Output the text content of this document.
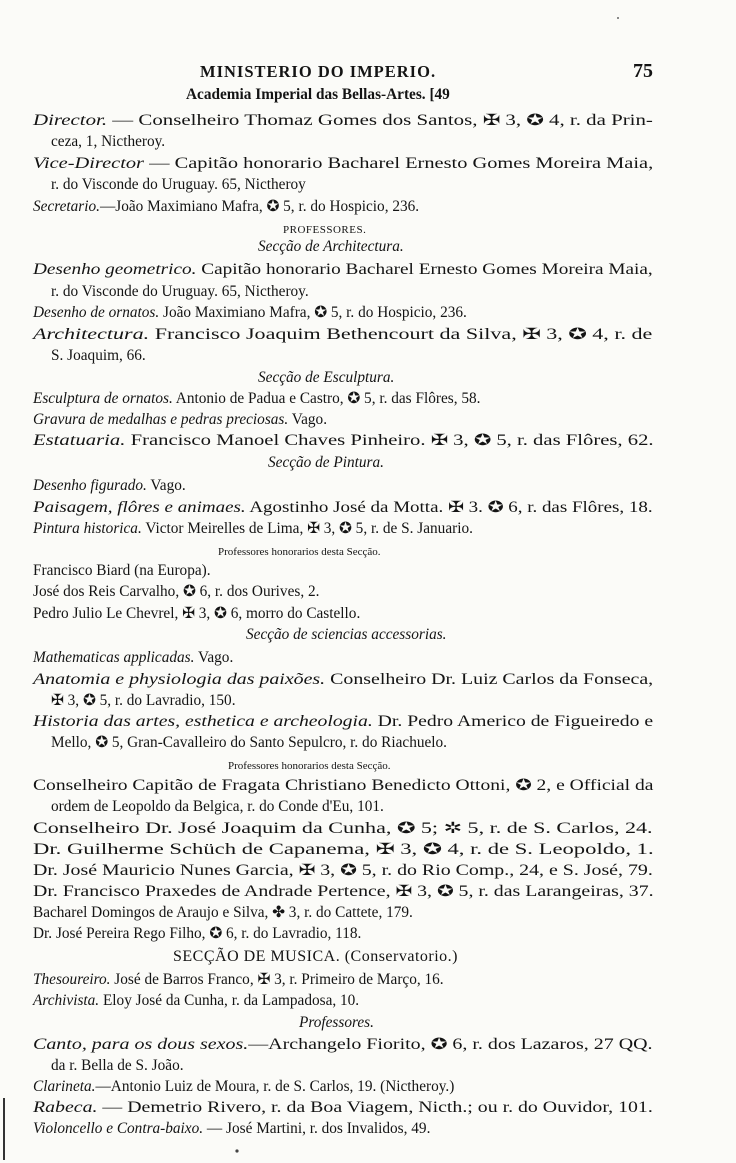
MINISTERIO DO IMPERIO.	75
Academia Imperial das Bellas-Artes. [49
Director. — Conselheiro Thomaz Gomes dos Santos, ✠ 3, ✪ 4, r. da Prin-
ceza, 1, Nictheroy.
Vice-Director — Capitão honorario Bacharel Ernesto Gomes Moreira Maia,
r. do Visconde do Uruguay. 65, Nictheroy
Secretario.—João Maximiano Mafra, ✪ 5, r. do Hospicio, 236.
PROFESSORES.
Secção de Architectura.
Desenho geometrico. Capitão honorario Bacharel Ernesto Gomes Moreira Maia,
r. do Visconde do Uruguay. 65, Nictheroy.
Desenho de ornatos. João Maximiano Mafra, ✪ 5, r. do Hospicio, 236.
Architectura. Francisco Joaquim Bethencourt da Silva, ✠ 3, ✪ 4, r. de
S. Joaquim, 66.
Secção de Esculptura.
Esculptura de ornatos. Antonio de Padua e Castro, ✪ 5, r. das Flôres, 58.
Gravura de medalhas e pedras preciosas. Vago.
Estatuaria. Francisco Manoel Chaves Pinheiro. ✠ 3, ✪ 5, r. das Flôres, 62.
Secção de Pintura.
Desenho figurado. Vago.
Paisagem, flôres e animaes. Agostinho José da Motta. ✠ 3. ✪ 6, r. das Flôres, 18.
Pintura historica. Victor Meirelles de Lima, ✠ 3, ✪ 5, r. de S. Januario.
Professores honorarios desta Secção.
Francisco Biard (na Europa).
José dos Reis Carvalho, ✪ 6, r. dos Ourives, 2.
Pedro Julio Le Chevrel, ✠ 3, ✪ 6, morro do Castello.
Secção de sciencias accessorias.
Mathematicas applicadas. Vago.
Anatomia e physiologia das paixões. Conselheiro Dr. Luiz Carlos da Fonseca,
✠ 3, ✪ 5, r. do Lavradio, 150.
Historia das artes, esthetica e archeologia. Dr. Pedro Americo de Figueiredo e
Mello, ✪ 5, Gran-Cavalleiro do Santo Sepulcro, r. do Riachuelo.
Professores honorarios desta Secção.
Conselheiro Capitão de Fragata Christiano Benedicto Ottoni, ✪ 2, e Official da
ordem de Leopoldo da Belgica, r. do Conde d'Eu, 101.
Conselheiro Dr. José Joaquim da Cunha, ✪ 5; ✲ 5, r. de S. Carlos, 24.
Dr. Guilherme Schüch de Capanema, ✠ 3, ✪ 4, r. de S. Leopoldo, 1.
Dr. José Mauricio Nunes Garcia, ✠ 3, ✪ 5, r. do Rio Comp., 24, e S. José, 79.
Dr. Francisco Praxedes de Andrade Pertence, ✠ 3, ✪ 5, r. das Larangeiras, 37.
Bacharel Domingos de Araujo e Silva, ✤ 3, r. do Cattete, 179.
Dr. José Pereira Rego Filho, ✪ 6, r. do Lavradio, 118.
SECÇÃO DE MUSICA. (Conservatorio.)
Thesoureiro. José de Barros Franco, ✠ 3, r. Primeiro de Março, 16.
Archivista. Eloy José da Cunha, r. da Lampadosa, 10.
Professores.
Canto, para os dous sexos.—Archangelo Fiorito, ✪ 6, r. dos Lazaros, 27 QQ.
da r. Bella de S. João.
Clarineta.—Antonio Luiz de Moura, r. de S. Carlos, 19. (Nictheroy.)
Rabeca. — Demetrio Rivero, r. da Boa Viagem, Nicth.; ou r. do Ouvidor, 101.
Violoncello e Contra-baixo. — José Martini, r. dos Invalidos, 49.
